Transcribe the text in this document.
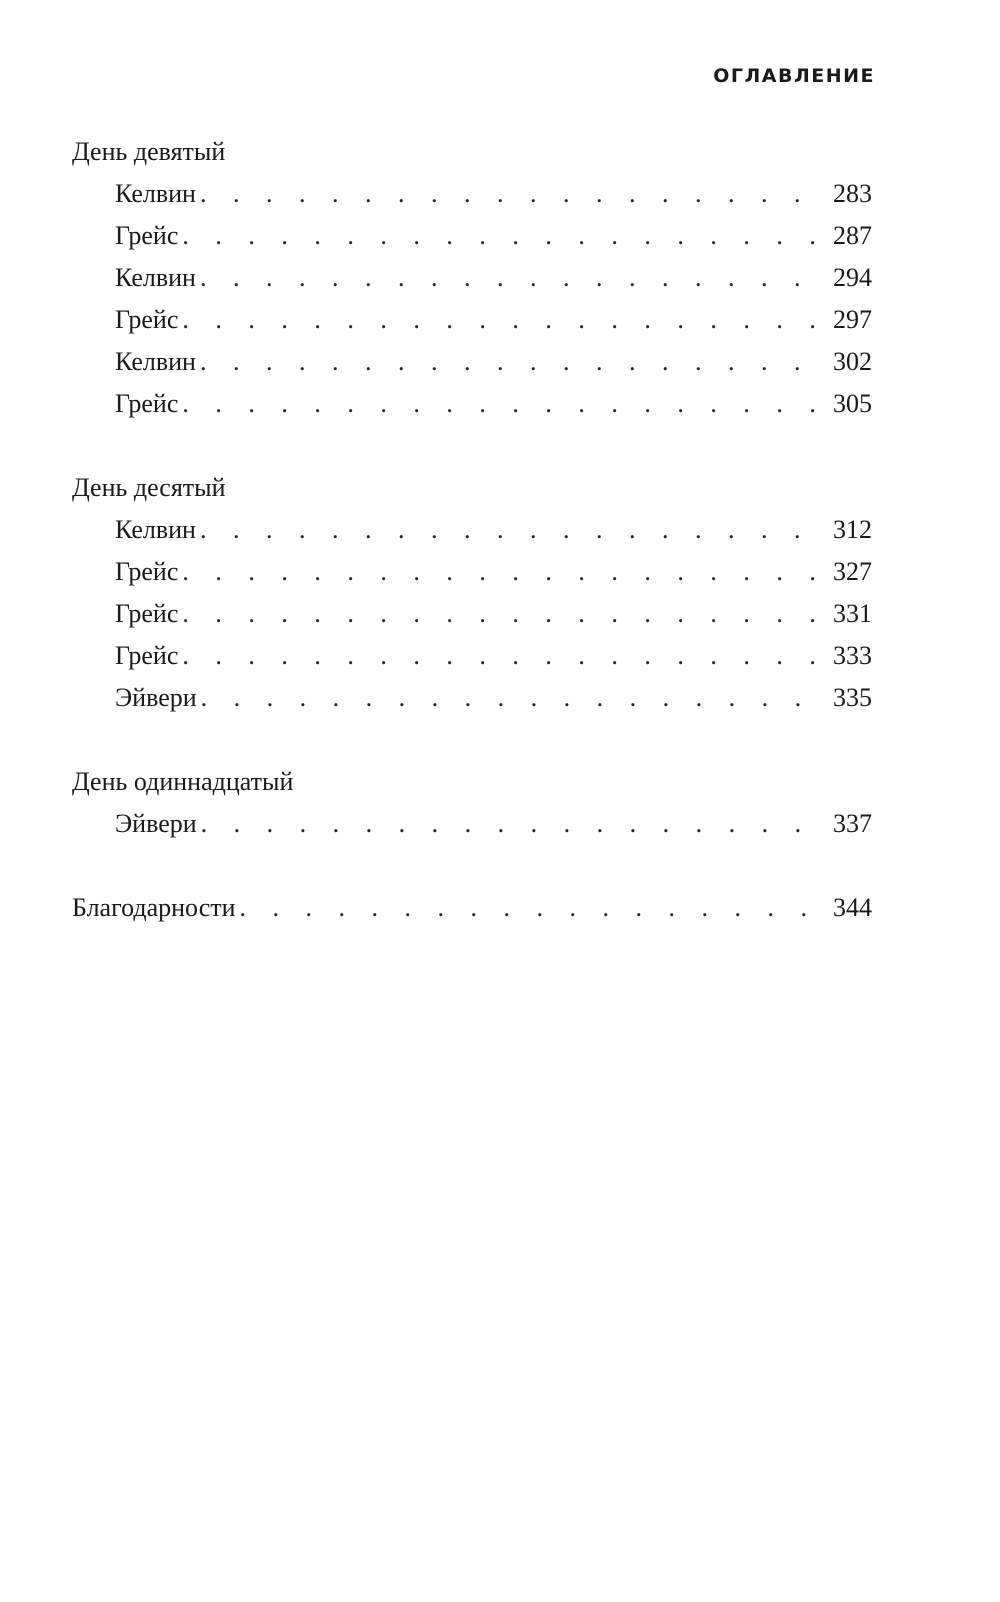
ОГЛАВЛЕНИЕ
День девятый
Келвин . . .	283
Грейс . . .	287
Келвин . . .	294
Грейс . . .	297
Келвин . . .	302
Грейс . . .	305
День десятый
Келвин . . .	312
Грейс . . .	327
Грейс . . .	331
Грейс . . .	333
Эйвери . . .	335
День одиннадцатый
Эйвери . . .	337
Благодарности . . .	344
